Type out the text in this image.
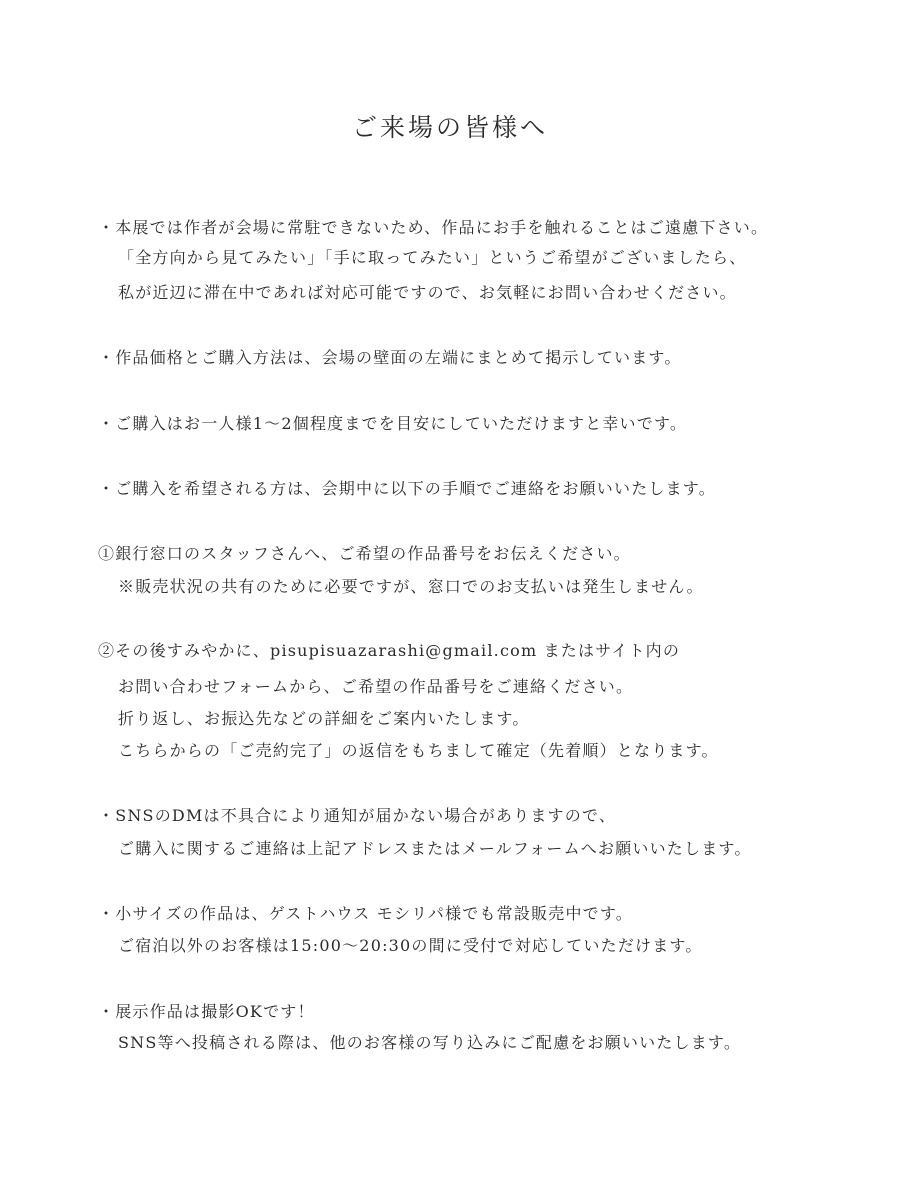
ご来場の皆様へ
・本展では作者が会場に常駐できないため、作品にお手を触れることはご遠慮下さい。
「全方向から見てみたい」「手に取ってみたい」というご希望がございましたら、
私が近辺に滞在中であれば対応可能ですので、お気軽にお問い合わせください。
・作品価格とご購入方法は、会場の壁面の左端にまとめて掲示しています。
・ご購入はお一人様1〜2個程度までを目安にしていただけますと幸いです。
・ご購入を希望される方は、会期中に以下の手順でご連絡をお願いいたします。
①銀行窓口のスタッフさんへ、ご希望の作品番号をお伝えください。
※販売状況の共有のために必要ですが、窓口でのお支払いは発生しません。
②その後すみやかに、pisupisuazarashi@gmail.com またはサイト内の
お問い合わせフォームから、ご希望の作品番号をご連絡ください。
折り返し、お振込先などの詳細をご案内いたします。
こちらからの「ご売約完了」の返信をもちまして確定（先着順）となります。
・SNSのDMは不具合により通知が届かない場合がありますので、
ご購入に関するご連絡は上記アドレスまたはメールフォームへお願いいたします。
・小サイズの作品は、ゲストハウス モシリパ様でも常設販売中です。
ご宿泊以外のお客様は15:00〜20:30の間に受付で対応していただけます。
・展示作品は撮影OKです！
SNS等へ投稿される際は、他のお客様の写り込みにご配慮をお願いいたします。
